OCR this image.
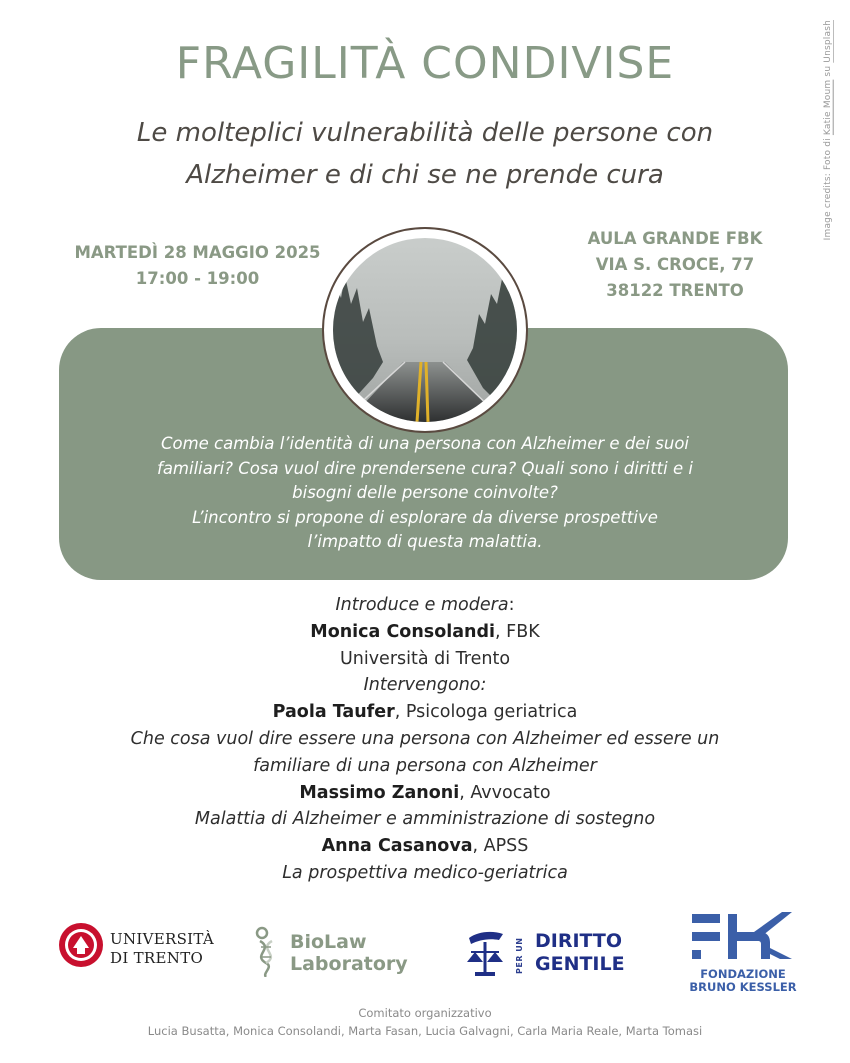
Image credits: Foto di Katie Moum su Unsplash
FRAGILITÀ CONDIVISE
Le molteplici vulnerabilità delle persone con
Alzheimer e di chi se ne prende cura
MARTEDÌ 28 MAGGIO 2025
17:00 - 19:00
AULA GRANDE FBK
VIA S. CROCE, 77
38122 TRENTO
Come cambia l’identità di una persona con Alzheimer e dei suoi
familiari? Cosa vuol dire prendersene cura? Quali sono i diritti e i
bisogni delle persone coinvolte?
L’incontro si propone di esplorare da diverse prospettive
l’impatto di questa malattia.
Introduce e modera:
Monica Consolandi, FBK
Università di Trento
Intervengono:
Paola Taufer, Psicologa geriatrica
Che cosa vuol dire essere una persona con Alzheimer ed essere un
familiare di una persona con Alzheimer
Massimo Zanoni, Avvocato
Malattia di Alzheimer e amministrazione di sostegno
Anna Casanova, APSS
La prospettiva medico-geriatrica
UNIVERSITÀ
DI TRENTO
BioLaw
Laboratory	PER UN DIRITTO
GENTILE	FONDAZIONE
BRUNO KESSLER
Comitato organizzativo
Lucia Busatta, Monica Consolandi, Marta Fasan, Lucia Galvagni, Carla Maria Reale, Marta Tomasi
